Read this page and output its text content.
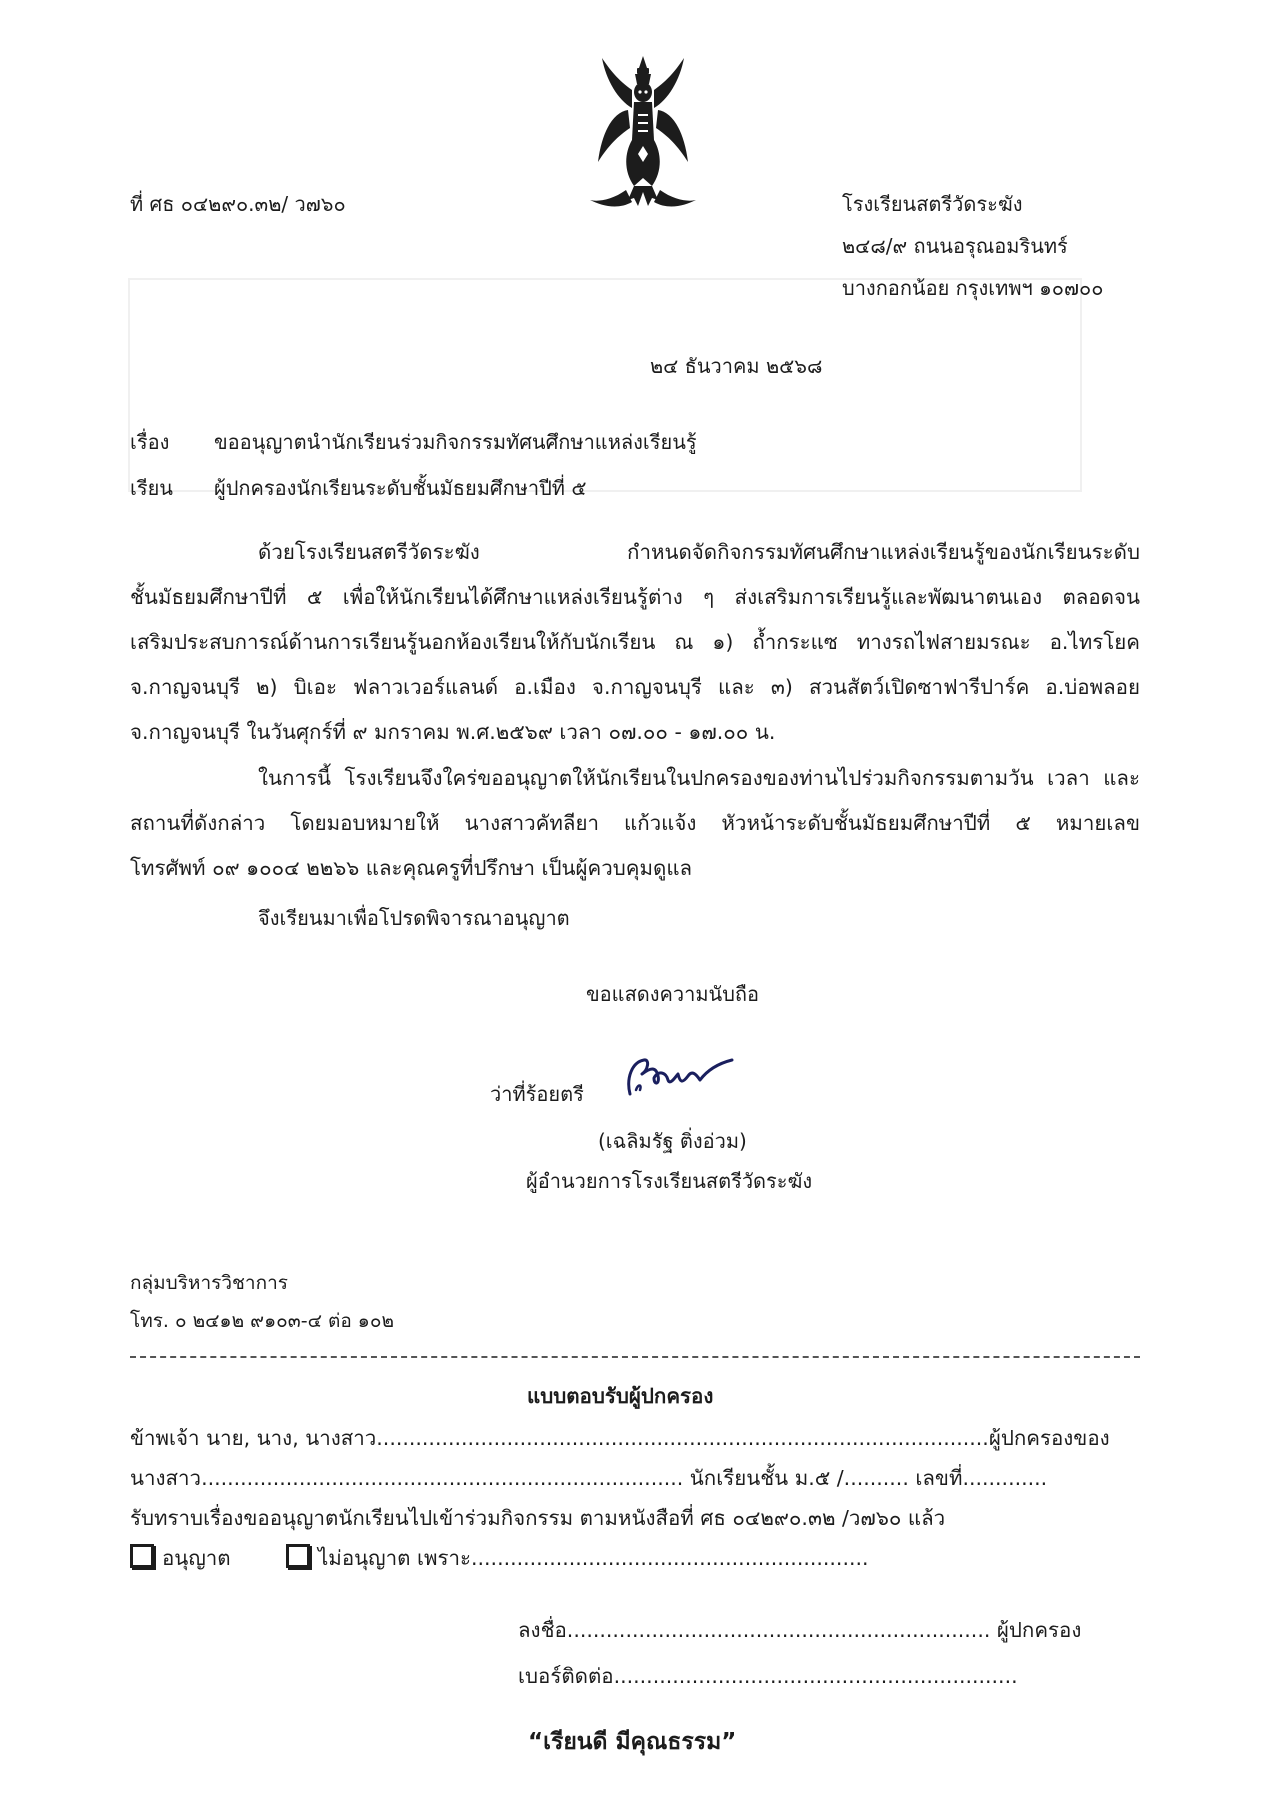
ที่ ศธ ๐๔๒๙๐.๓๒/ ว๗๖๐	โรงเรียนสตรีวัดระฆัง
๒๔๘/๙ ถนนอรุณอมรินทร์
บางกอกน้อย กรุงเทพฯ ๑๐๗๐๐
๒๔ ธันวาคม ๒๕๖๘
เรื่อง ขออนุญาตนำนักเรียนร่วมกิจกรรมทัศนศึกษาแหล่งเรียนรู้
เรียน ผู้ปกครองนักเรียนระดับชั้นมัธยมศึกษาปีที่ ๕
ด้วยโรงเรียนสตรีวัดระฆัง กำหนดจัดกิจกรรมทัศนศึกษาแหล่งเรียนรู้ของนักเรียนระดับ
ชั้นมัธยมศึกษาปีที่ ๕ เพื่อให้นักเรียนได้ศึกษาแหล่งเรียนรู้ต่าง ๆ ส่งเสริมการเรียนรู้และพัฒนาตนเอง ตลอดจน
เสริมประสบการณ์ด้านการเรียนรู้นอกห้องเรียนให้กับนักเรียน ณ ๑) ถ้ำกระแซ ทางรถไฟสายมรณะ อ.ไทรโยค
จ.กาญจนบุรี ๒) บิเอะ ฟลาวเวอร์แลนด์ อ.เมือง จ.กาญจนบุรี และ ๓) สวนสัตว์เปิดซาฟารีปาร์ค อ.บ่อพลอย
จ.กาญจนบุรี ในวันศุกร์ที่ ๙ มกราคม พ.ศ.๒๕๖๙ เวลา ๐๗.๐๐ - ๑๗.๐๐ น.
ในการนี้ โรงเรียนจึงใคร่ขออนุญาตให้นักเรียนในปกครองของท่านไปร่วมกิจกรรมตามวัน เวลา และ
สถานที่ดังกล่าว โดยมอบหมายให้ นางสาวคัทลียา แก้วแจ้ง หัวหน้าระดับชั้นมัธยมศึกษาปีที่ ๕ หมายเลข
โทรศัพท์ ๐๙ ๑๐๐๔ ๒๒๖๖ และคุณครูที่ปรึกษา เป็นผู้ควบคุมดูแล
จึงเรียนมาเพื่อโปรดพิจารณาอนุญาต
ขอแสดงความนับถือ
ว่าที่ร้อยตรี
(เฉลิมรัฐ ติ่งอ่วม)
ผู้อำนวยการโรงเรียนสตรีวัดระฆัง
กลุ่มบริหารวิชาการ
โทร. ๐ ๒๔๑๒ ๙๑๐๓-๔ ต่อ ๑๐๒
แบบตอบรับผู้ปกครอง
ข้าพเจ้า นาย, นาง, นางสาว..............................................................................................ผู้ปกครองของ
นางสาว.......................................................................... นักเรียนชั้น ม.๕ /.......... เลขที่.............
รับทราบเรื่องขออนุญาตนักเรียนไปเข้าร่วมกิจกรรม ตามหนังสือที่ ศธ ๐๔๒๙๐.๓๒ /ว๗๖๐ แล้ว
อนุญาต	ไม่อนุญาต เพราะ.............................................................
ลงชื่อ................................................................. ผู้ปกครอง
เบอร์ติดต่อ..............................................................
“เรียนดี มีคุณธรรม”
